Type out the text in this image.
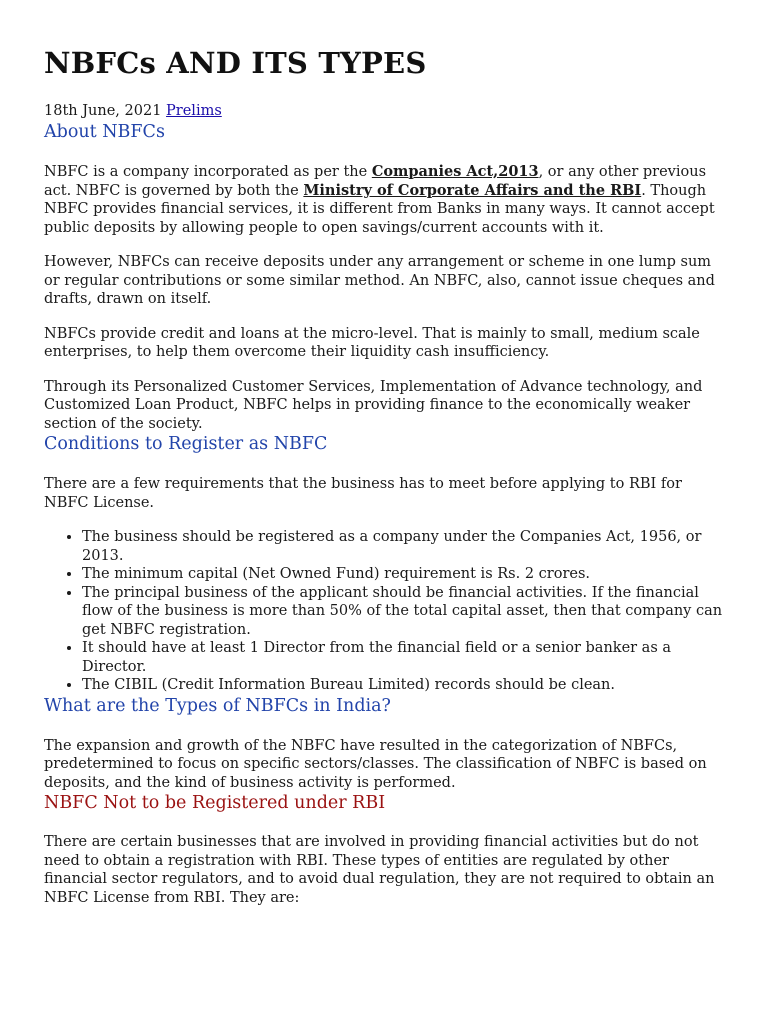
NBFCs AND ITS TYPES

18th June, 2021 Prelims

About NBFCs

NBFC is a company incorporated as per the Companies Act,2013, or any other previous act. NBFC is governed by both the Ministry of Corporate Affairs and the RBI. Though NBFC provides financial services, it is different from Banks in many ways. It cannot accept public deposits by allowing people to open savings/current accounts with it.

However, NBFCs can receive deposits under any arrangement or scheme in one lump sum or regular contributions or some similar method. An NBFC, also, cannot issue cheques and drafts, drawn on itself.

NBFCs provide credit and loans at the micro-level. That is mainly to small, medium scale enterprises, to help them overcome their liquidity cash insufficiency.

Through its Personalized Customer Services, Implementation of Advance technology, and Customized Loan Product, NBFC helps in providing finance to the economically weaker section of the society.

Conditions to Register as NBFC

There are a few requirements that the business has to meet before applying to RBI for NBFC License.

• The business should be registered as a company under the Companies Act, 1956, or 2013.
• The minimum capital (Net Owned Fund) requirement is Rs. 2 crores.
• The principal business of the applicant should be financial activities. If the financial flow of the business is more than 50% of the total capital asset, then that company can get NBFC registration.
• It should have at least 1 Director from the financial field or a senior banker as a Director.
• The CIBIL (Credit Information Bureau Limited) records should be clean.
What are the Types of NBFCs in India?

The expansion and growth of the NBFC have resulted in the categorization of NBFCs, predetermined to focus on specific sectors/classes. The classification of NBFC is based on deposits, and the kind of business activity is performed.

NBFC Not to be Registered under RBI

There are certain businesses that are involved in providing financial activities but do not need to obtain a registration with RBI. These types of entities are regulated by other financial sector regulators, and to avoid dual regulation, they are not required to obtain an NBFC License from RBI. They are:
